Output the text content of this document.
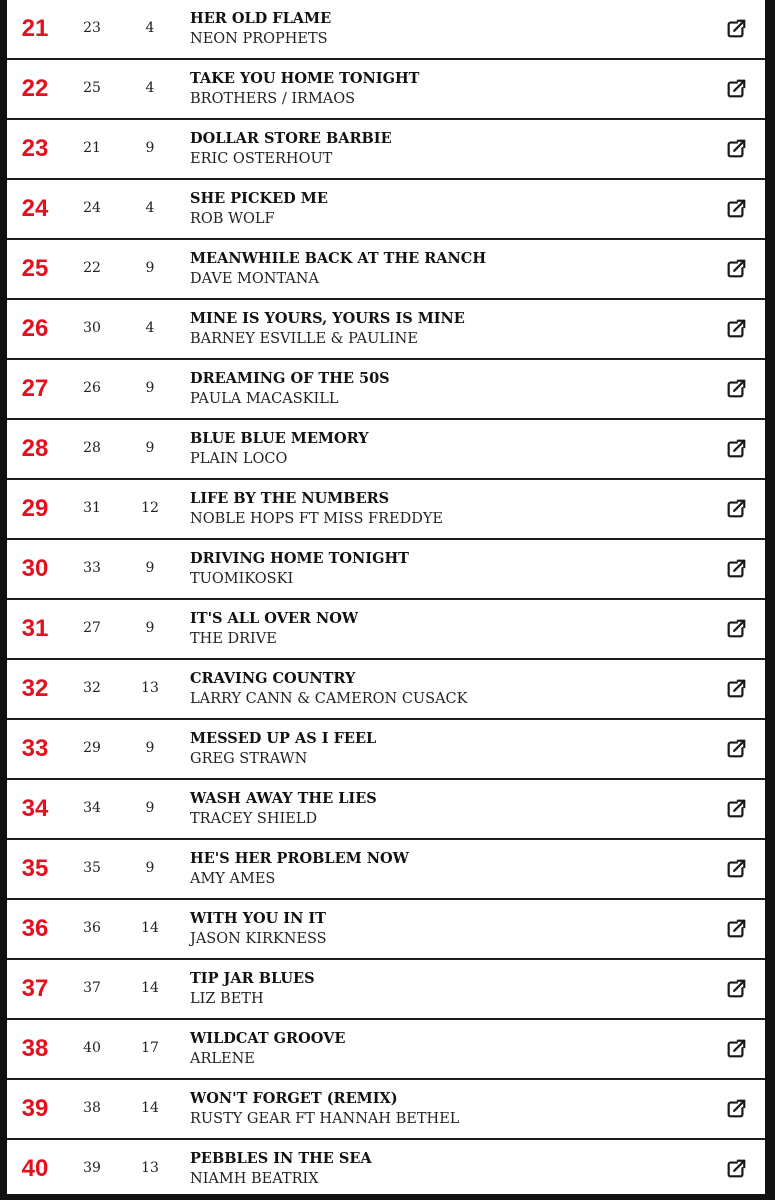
21	23	4
HER OLD FLAME
NEON PROPHETS
22	25	4
TAKE YOU HOME TONIGHT
BROTHERS / IRMAOS
23	21	9
DOLLAR STORE BARBIE
ERIC OSTERHOUT
24	24	4
SHE PICKED ME
ROB WOLF
25	22	9
MEANWHILE BACK AT THE RANCH
DAVE MONTANA
26	30	4
MINE IS YOURS, YOURS IS MINE
BARNEY ESVILLE & PAULINE
27	26	9
DREAMING OF THE 50S
PAULA MACASKILL
28	28	9
BLUE BLUE MEMORY
PLAIN LOCO
29	31	12
LIFE BY THE NUMBERS
NOBLE HOPS FT MISS FREDDYE
30	33	9
DRIVING HOME TONIGHT
TUOMIKOSKI
31	27	9
IT'S ALL OVER NOW
THE DRIVE
32	32	13
CRAVING COUNTRY
LARRY CANN & CAMERON CUSACK
33	29	9
MESSED UP AS I FEEL
GREG STRAWN
34	34	9
WASH AWAY THE LIES
TRACEY SHIELD
35	35	9
HE'S HER PROBLEM NOW
AMY AMES
36	36	14
WITH YOU IN IT
JASON KIRKNESS
37	37	14
TIP JAR BLUES
LIZ BETH
38	40	17
WILDCAT GROOVE
ARLENE
39	38	14
WON'T FORGET (REMIX)
RUSTY GEAR FT HANNAH BETHEL
40	39	13
PEBBLES IN THE SEA
NIAMH BEATRIX
